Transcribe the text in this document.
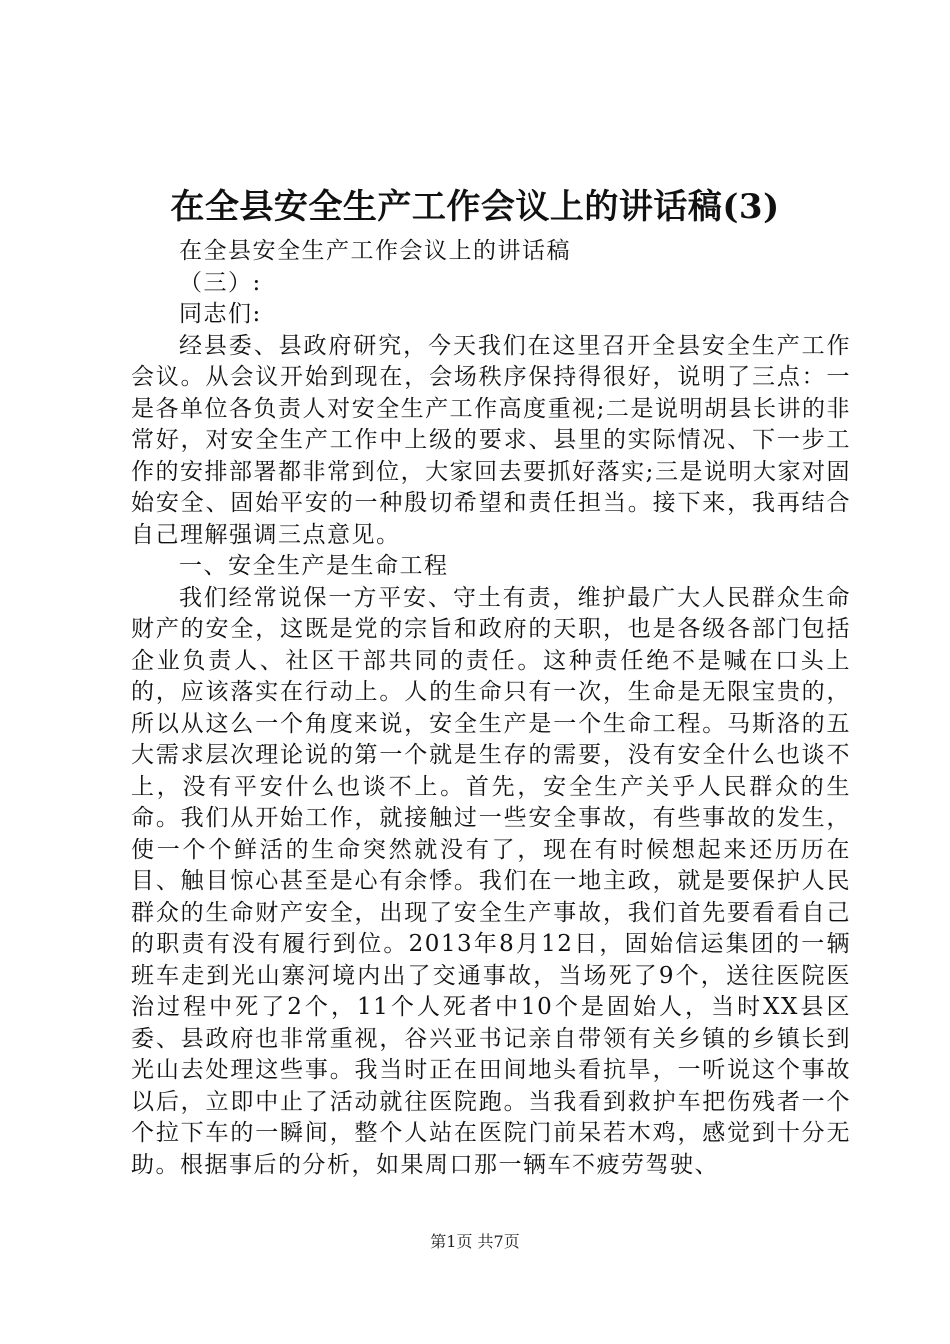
在全县安全生产工作会议上的讲话稿(3)

在全县安全生产工作会议上的讲话稿

（三）:

同志们:

经县委、县政府研究，今天我们在这里召开全县安全生产工作会议。从会议开始到现在，会场秩序保持得很好，说明了三点：一是各单位各负责人对安全生产工作高度重视;二是说明胡县长讲的非常好，对安全生产工作中上级的要求、县里的实际情况、下一步工作的安排部署都非常到位，大家回去要抓好落实;三是说明大家对固始安全、固始平安的一种殷切希望和责任担当。接下来，我再结合自己理解强调三点意见。

一、安全生产是生命工程

我们经常说保一方平安、守土有责，维护最广大人民群众生命财产的安全，这既是党的宗旨和政府的天职，也是各级各部门包括企业负责人、社区干部共同的责任。这种责任绝不是喊在口头上的，应该落实在行动上。人的生命只有一次，生命是无限宝贵的，所以从这么一个角度来说，安全生产是一个生命工程。马斯洛的五大需求层次理论说的第一个就是生存的需要，没有安全什么也谈不上，没有平安什么也谈不上。首先，安全生产关乎人民群众的生命。我们从开始工作，就接触过一些安全事故，有些事故的发生，使一个个鲜活的生命突然就没有了，现在有时候想起来还历历在目、触目惊心甚至是心有余悸。我们在一地主政，就是要保护人民群众的生命财产安全，出现了安全生产事故，我们首先要看看自己的职责有没有履行到位。2013年8月12日，固始信运集团的一辆班车走到光山寨河境内出了交通事故，当场死了9个，送往医院医治过程中死了2个，11个人死者中10个是固始人，当时XX县区委、县政府也非常重视，谷兴亚书记亲自带领有关乡镇的乡镇长到光山去处理这些事。我当时正在田间地头看抗旱，一听说这个事故以后，立即中止了活动就往医院跑。当我看到救护车把伤残者一个个拉下车的一瞬间，整个人站在医院门前呆若木鸡，感觉到十分无助。根据事后的分析，如果周口那一辆车不疲劳驾驶、

第1页 共7页
